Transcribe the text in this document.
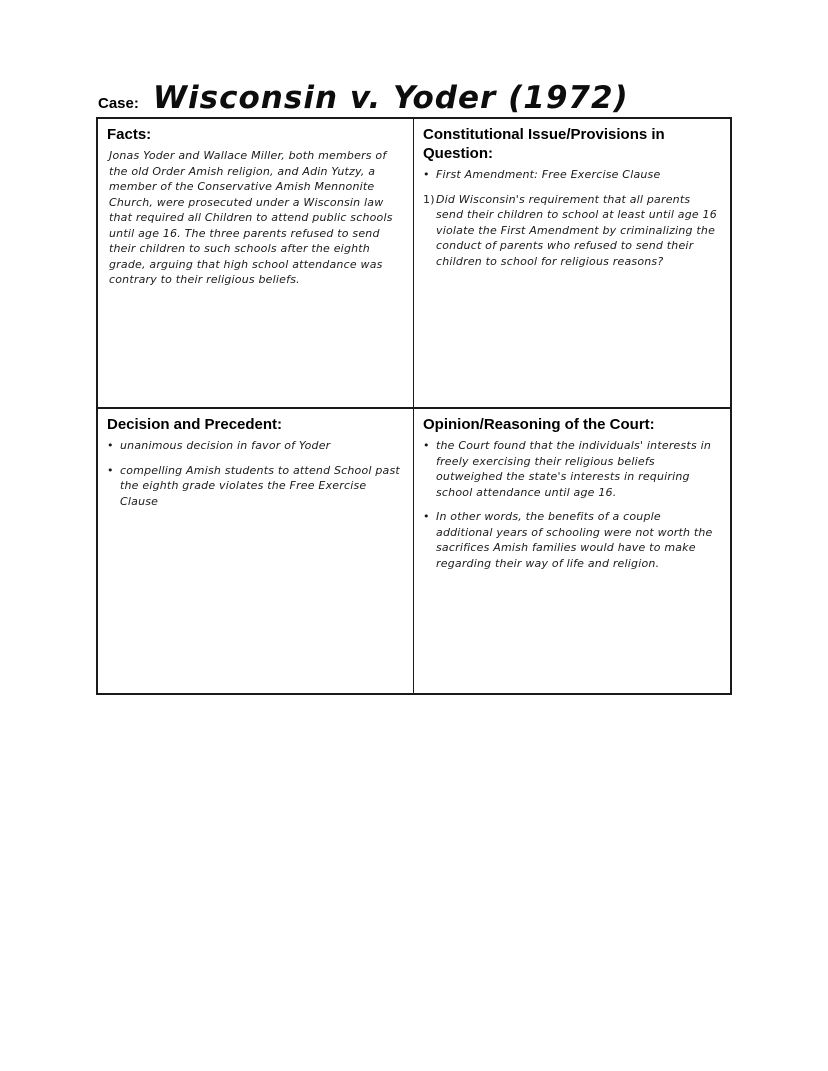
Case: Wisconsin v. Yoder (1972)
Facts:
Jonas Yoder and Wallace Miller, both members of the old Order Amish religion, and Adin Yutzy, a member of the Conservative Amish Mennonite Church, were prosecuted under a Wisconsin law that required all Children to attend public schools until age 16. The three parents refused to send their children to such schools after the eighth grade, arguing that high school attendance was contrary to their religious beliefs.
Constitutional Issue/Provisions in Question:
• First Amendment: Free Exercise Clause
1) Did Wisconsin's requirement that all parents send their children to school at least until age 16 violate the First Amendment by criminalizing the conduct of parents who refused to send their children to school for religious reasons?
Decision and Precedent:
• unanimous decision in favor of Yoder
• compelling Amish students to attend School past the eighth grade violates the Free Exercise Clause
Opinion/Reasoning of the Court:
• the Court found that the individuals' interests in freely exercising their religious beliefs outweighed the state's interests in requiring school attendance until age 16.
• In other words, the benefits of a couple additional years of schooling were not worth the sacrifices Amish families would have to make regarding their way of life and religion.
